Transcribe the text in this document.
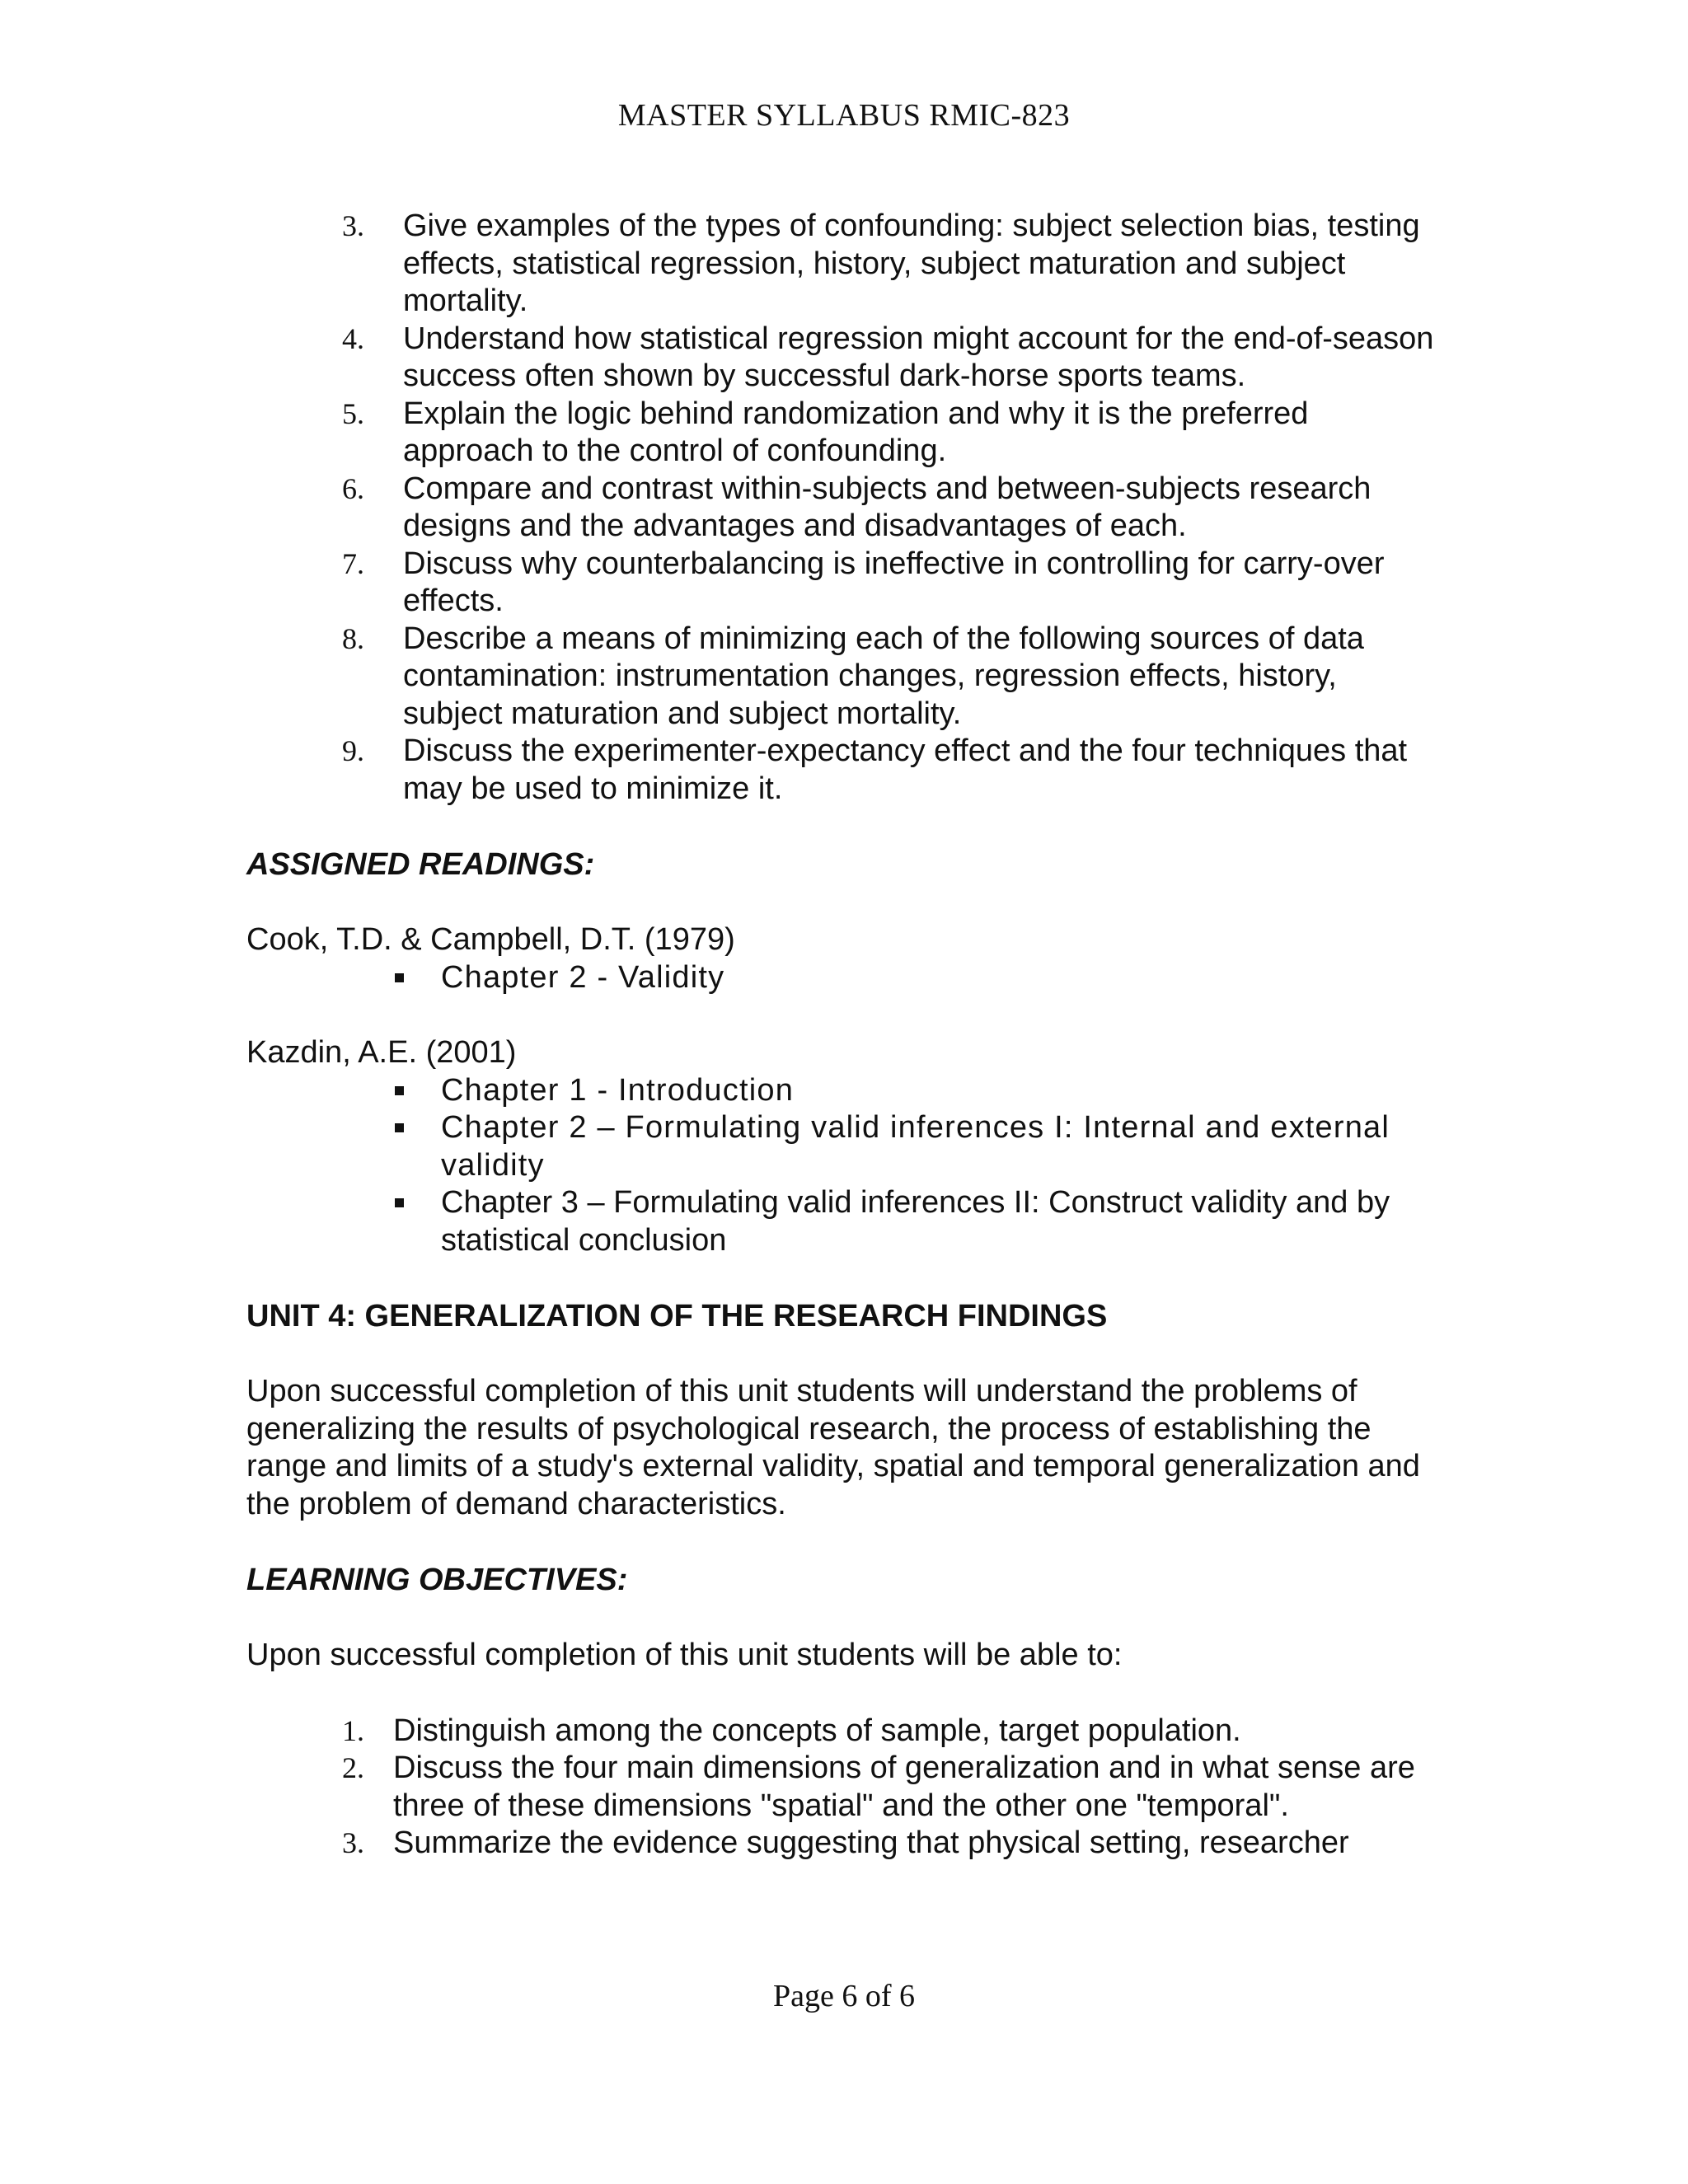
MASTER SYLLABUS RMIC-823
3. Give examples of the types of confounding: subject selection bias, testing effects, statistical regression, history, subject maturation and subject mortality.
4. Understand how statistical regression might account for the end-of-season success often shown by successful dark-horse sports teams.
5. Explain the logic behind randomization and why it is the preferred approach to the control of confounding.
6. Compare and contrast within-subjects and between-subjects research designs and the advantages and disadvantages of each.
7. Discuss why counterbalancing is ineffective in controlling for carry-over effects.
8. Describe a means of minimizing each of the following sources of data contamination: instrumentation changes, regression effects, history, subject maturation and subject mortality.
9. Discuss the experimenter-expectancy effect and the four techniques that may be used to minimize it.
ASSIGNED READINGS:

Cook, T.D. & Campbell, D.T. (1979)

Chapter 2 - Validity

Kazdin, A.E. (2001)

Chapter 1 - Introduction
Chapter 2 – Formulating valid inferences I: Internal and external validity
Chapter 3 – Formulating valid inferences II: Construct validity and by statistical conclusion
UNIT 4: GENERALIZATION OF THE RESEARCH FINDINGS

Upon successful completion of this unit students will understand the problems of generalizing the results of psychological research, the process of establishing the range and limits of a study's external validity, spatial and temporal generalization and the problem of demand characteristics.

LEARNING OBJECTIVES:

Upon successful completion of this unit students will be able to:

1. Distinguish among the concepts of sample, target population.
2. Discuss the four main dimensions of generalization and in what sense are three of these dimensions "spatial" and the other one "temporal".
3. Summarize the evidence suggesting that physical setting, researcher
Page 6 of 6
